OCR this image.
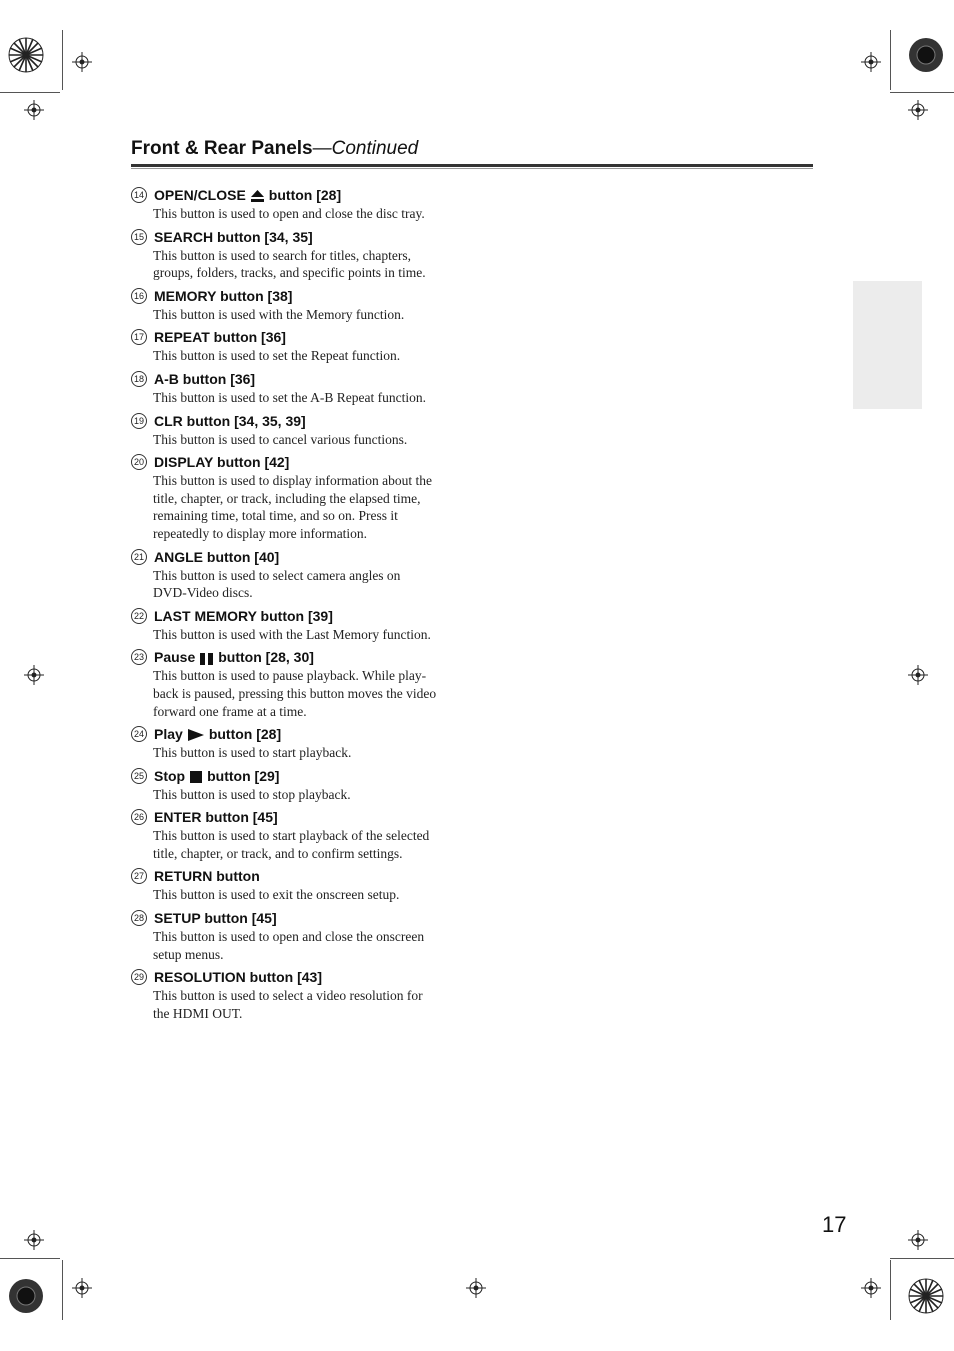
Front & Rear Panels—Continued
14 OPEN/CLOSE button [28]
This button is used to open and close the disc tray.
15 SEARCH button [34, 35]
This button is used to search for titles, chapters,
groups, folders, tracks, and specific points in time.
16 MEMORY button [38]
This button is used with the Memory function.
17 REPEAT button [36]
This button is used to set the Repeat function.
18 A-B button [36]
This button is used to set the A-B Repeat function.
19 CLR button [34, 35, 39]
This button is used to cancel various functions.
20 DISPLAY button [42]
This button is used to display information about the
title, chapter, or track, including the elapsed time,
remaining time, total time, and so on. Press it
repeatedly to display more information.
21 ANGLE button [40]
This button is used to select camera angles on
DVD-Video discs.
22 LAST MEMORY button [39]
This button is used with the Last Memory function.
23 Pause button [28, 30]
This button is used to pause playback. While play-
back is paused, pressing this button moves the video
forward one frame at a time.
24 Play button [28]
This button is used to start playback.
25 Stop button [29]
This button is used to stop playback.
26 ENTER button [45]
This button is used to start playback of the selected
title, chapter, or track, and to confirm settings.
27 RETURN button
This button is used to exit the onscreen setup.
28 SETUP button [45]
This button is used to open and close the onscreen
setup menus.
29 RESOLUTION button [43]
This button is used to select a video resolution for
the HDMI OUT.
17
